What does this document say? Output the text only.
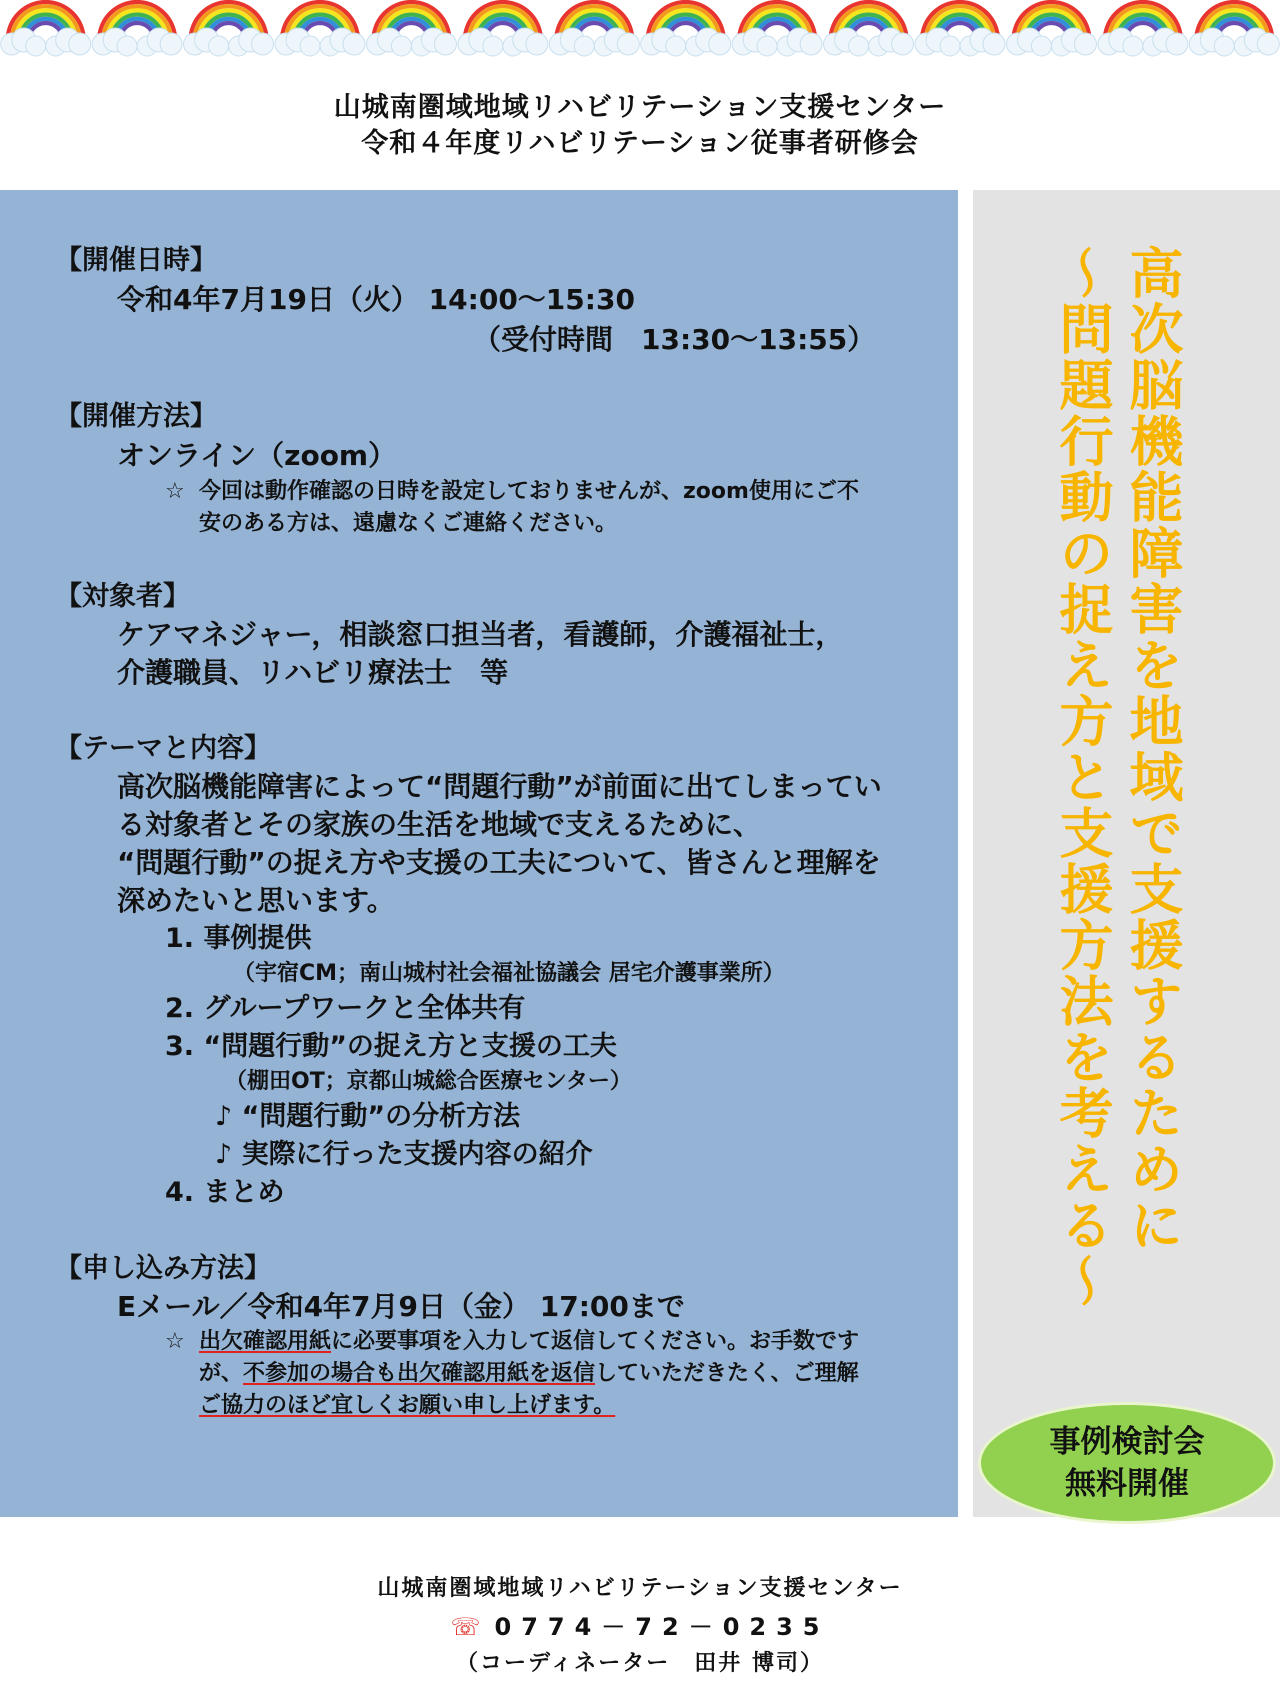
山城南圏域地域リハビリテーション支援センター
令和４年度リハビリテーション従事者研修会
【開催日時】
令和4年7月19日（火） 14:00～15:30
（受付時間　13:30～13:55）
【開催方法】
オンライン（zoom）
☆ 今回は動作確認の日時を設定しておりませんが、zoom使用にご不
安のある方は、遠慮なくご連絡ください。
【対象者】
ケアマネジャー，相談窓口担当者，看護師，介護福祉士，
介護職員、リハビリ療法士　等
【テーマと内容】
高次脳機能障害によって“問題行動”が前面に出てしまってい
る対象者とその家族の生活を地域で支えるために、
“問題行動”の捉え方や支援の工夫について、皆さんと理解を
深めたいと思います。
1. 事例提供
（宇宿CM；南山城村社会福祉協議会 居宅介護事業所）
2. グループワークと全体共有
3. “問題行動”の捉え方と支援の工夫
（棚田OT；京都山城総合医療センター）
♪ “問題行動”の分析方法
♪ 実際に行った支援内容の紹介
4. まとめ
【申し込み方法】
Eメール／令和4年7月9日（金） 17:00まで
☆ 出欠確認用紙に必要事項を入力して返信してください。お手数です
が、不参加の場合も出欠確認用紙を返信していただきたく、ご理解
ご協力のほど宜しくお願い申し上げます。
高次脳機能障害を地域で支援するために
～問題行動の捉え方と支援方法を考える～
事例検討会
無料開催
山城南圏域地域リハビリテーション支援センター
☏ 0774－72－0235
（コーディネーター　田井 博司）
